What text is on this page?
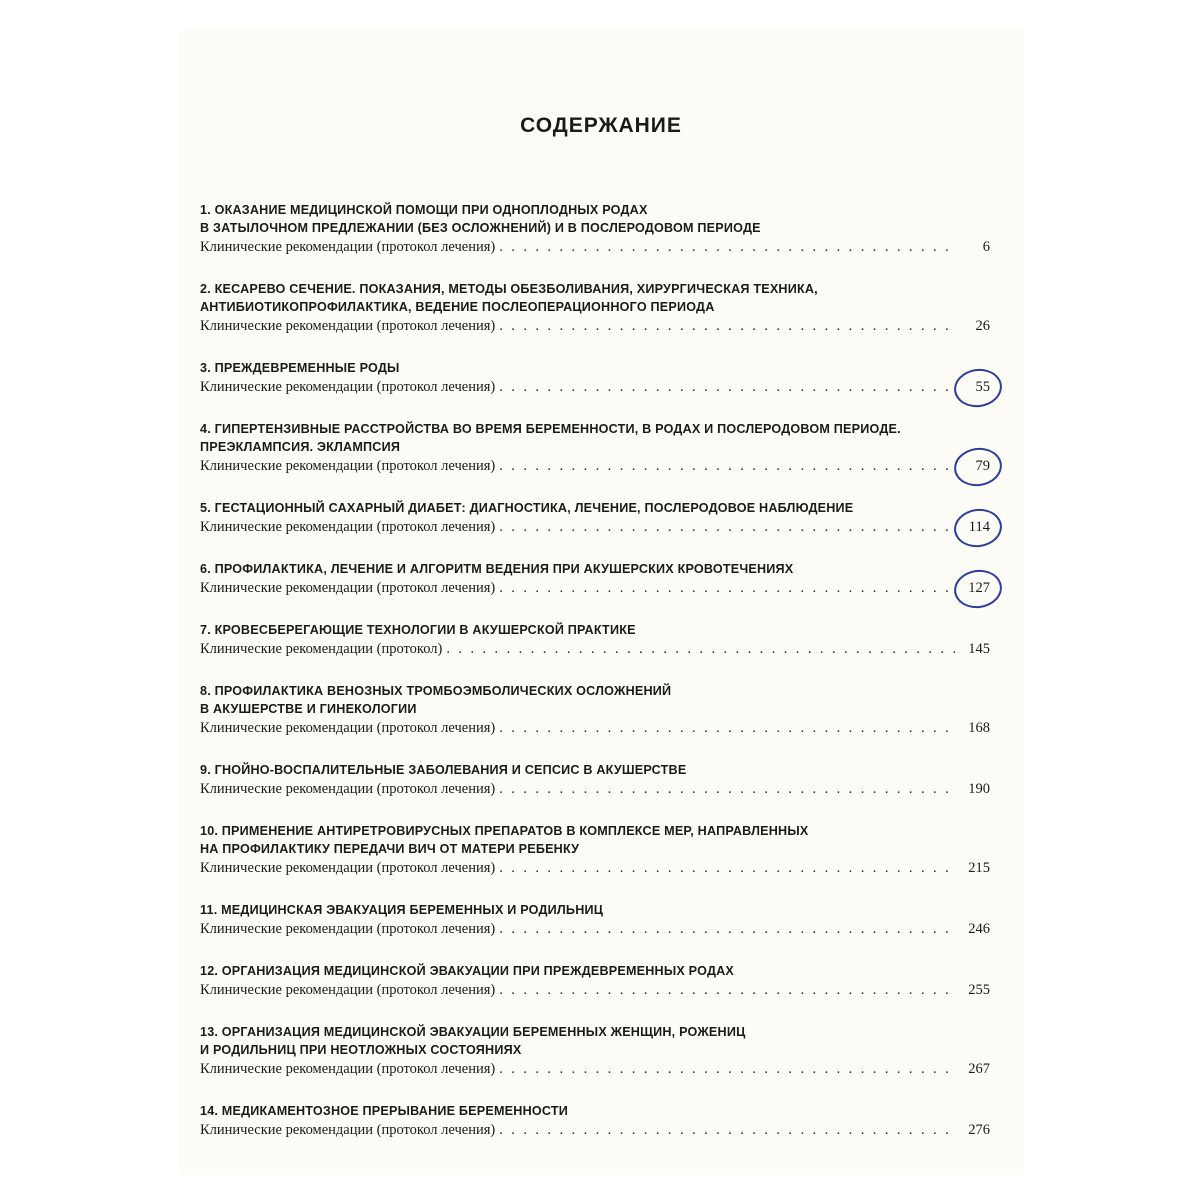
СОДЕРЖАНИЕ
1. ОКАЗАНИЕ МЕДИЦИНСКОЙ ПОМОЩИ ПРИ ОДНОПЛОДНЫХ РОДАХ
В ЗАТЫЛОЧНОМ ПРЕДЛЕЖАНИИ (БЕЗ ОСЛОЖНЕНИЙ) И В ПОСЛЕРОДОВОМ ПЕРИОДЕ
Клинические рекомендации (протокол лечения) . . .	6
2. КЕСАРЕВО СЕЧЕНИЕ. ПОКАЗАНИЯ, МЕТОДЫ ОБЕЗБОЛИВАНИЯ, ХИРУРГИЧЕСКАЯ ТЕХНИКА,
АНТИБИОТИКОПРОФИЛАКТИКА, ВЕДЕНИЕ ПОСЛЕОПЕРАЦИОННОГО ПЕРИОДА
Клинические рекомендации (протокол лечения) . . .	26
3. ПРЕЖДЕВРЕМЕННЫЕ РОДЫ
Клинические рекомендации (протокол лечения) . . .	55
4. ГИПЕРТЕНЗИВНЫЕ РАССТРОЙСТВА ВО ВРЕМЯ БЕРЕМЕННОСТИ, В РОДАХ И ПОСЛЕРОДОВОМ ПЕРИОДЕ.
ПРЕЭКЛАМПСИЯ. ЭКЛАМПСИЯ
Клинические рекомендации (протокол лечения) . . .	79
5. ГЕСТАЦИОННЫЙ САХАРНЫЙ ДИАБЕТ: ДИАГНОСТИКА, ЛЕЧЕНИЕ, ПОСЛЕРОДОВОЕ НАБЛЮДЕНИЕ
Клинические рекомендации (протокол лечения) . . .	114
6. ПРОФИЛАКТИКА, ЛЕЧЕНИЕ И АЛГОРИТМ ВЕДЕНИЯ ПРИ АКУШЕРСКИХ КРОВОТЕЧЕНИЯХ
Клинические рекомендации (протокол лечения) . . .	127
7. КРОВЕСБЕРЕГАЮЩИЕ ТЕХНОЛОГИИ В АКУШЕРСКОЙ ПРАКТИКЕ
Клинические рекомендации (протокол) . . .	145
8. ПРОФИЛАКТИКА ВЕНОЗНЫХ ТРОМБОЭМБОЛИЧЕСКИХ ОСЛОЖНЕНИЙ
В АКУШЕРСТВЕ И ГИНЕКОЛОГИИ
Клинические рекомендации (протокол лечения) . . .	168
9. ГНОЙНО-ВОСПАЛИТЕЛЬНЫЕ ЗАБОЛЕВАНИЯ И СЕПСИС В АКУШЕРСТВЕ
Клинические рекомендации (протокол лечения) . . .	190
10. ПРИМЕНЕНИЕ АНТИРЕТРОВИРУСНЫХ ПРЕПАРАТОВ В КОМПЛЕКСЕ МЕР, НАПРАВЛЕННЫХ
НА ПРОФИЛАКТИКУ ПЕРЕДАЧИ ВИЧ ОТ МАТЕРИ РЕБЕНКУ
Клинические рекомендации (протокол лечения) . . .	215
11. МЕДИЦИНСКАЯ ЭВАКУАЦИЯ БЕРЕМЕННЫХ И РОДИЛЬНИЦ
Клинические рекомендации (протокол лечения) . . .	246
12. ОРГАНИЗАЦИЯ МЕДИЦИНСКОЙ ЭВАКУАЦИИ ПРИ ПРЕЖДЕВРЕМЕННЫХ РОДАХ
Клинические рекомендации (протокол лечения) . . .	255
13. ОРГАНИЗАЦИЯ МЕДИЦИНСКОЙ ЭВАКУАЦИИ БЕРЕМЕННЫХ ЖЕНЩИН, РОЖЕНИЦ
И РОДИЛЬНИЦ ПРИ НЕОТЛОЖНЫХ СОСТОЯНИЯХ
Клинические рекомендации (протокол лечения) . . .	267
14. МЕДИКАМЕНТОЗНОЕ ПРЕРЫВАНИЕ БЕРЕМЕННОСТИ
Клинические рекомендации (протокол лечения) . . .	276
